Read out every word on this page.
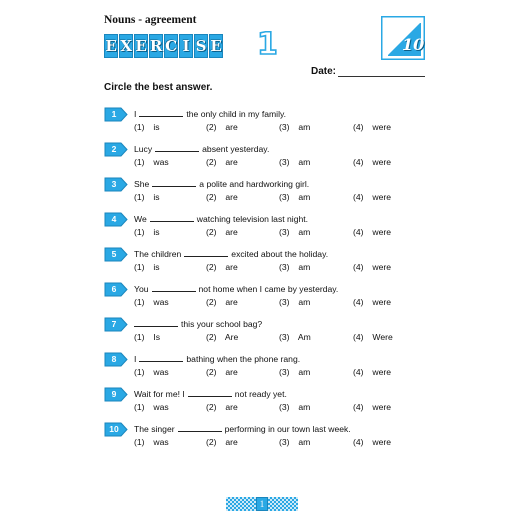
Nouns - agreement
E X E R C I S E 1	10
Date:
Circle the best answer.
1	I	the only child in my family.
(1) is	(2) are	(3) am	(4) were
2	Lucy	absent yesterday.
(1) was	(2) are	(3) am	(4) were
3	She	a polite and hardworking girl.
(1) is	(2) are	(3) am	(4) were
4	We	watching television last night.
(1) is	(2) are	(3) am	(4) were
5	The children	excited about the holiday.
(1) is	(2) are	(3) am	(4) were
6	You	not home when I came by yesterday.
(1) was	(2) are	(3) am	(4) were
7	this your school bag?
(1) Is	(2) Are	(3) Am	(4) Were
8	I	bathing when the phone rang.
(1) was	(2) are	(3) am	(4) were
9	Wait for me! I	not ready yet.
(1) was	(2) are	(3) am	(4) were
10	The singer	performing in our town last week.
(1) was	(2) are	(3) am	(4) were
1
